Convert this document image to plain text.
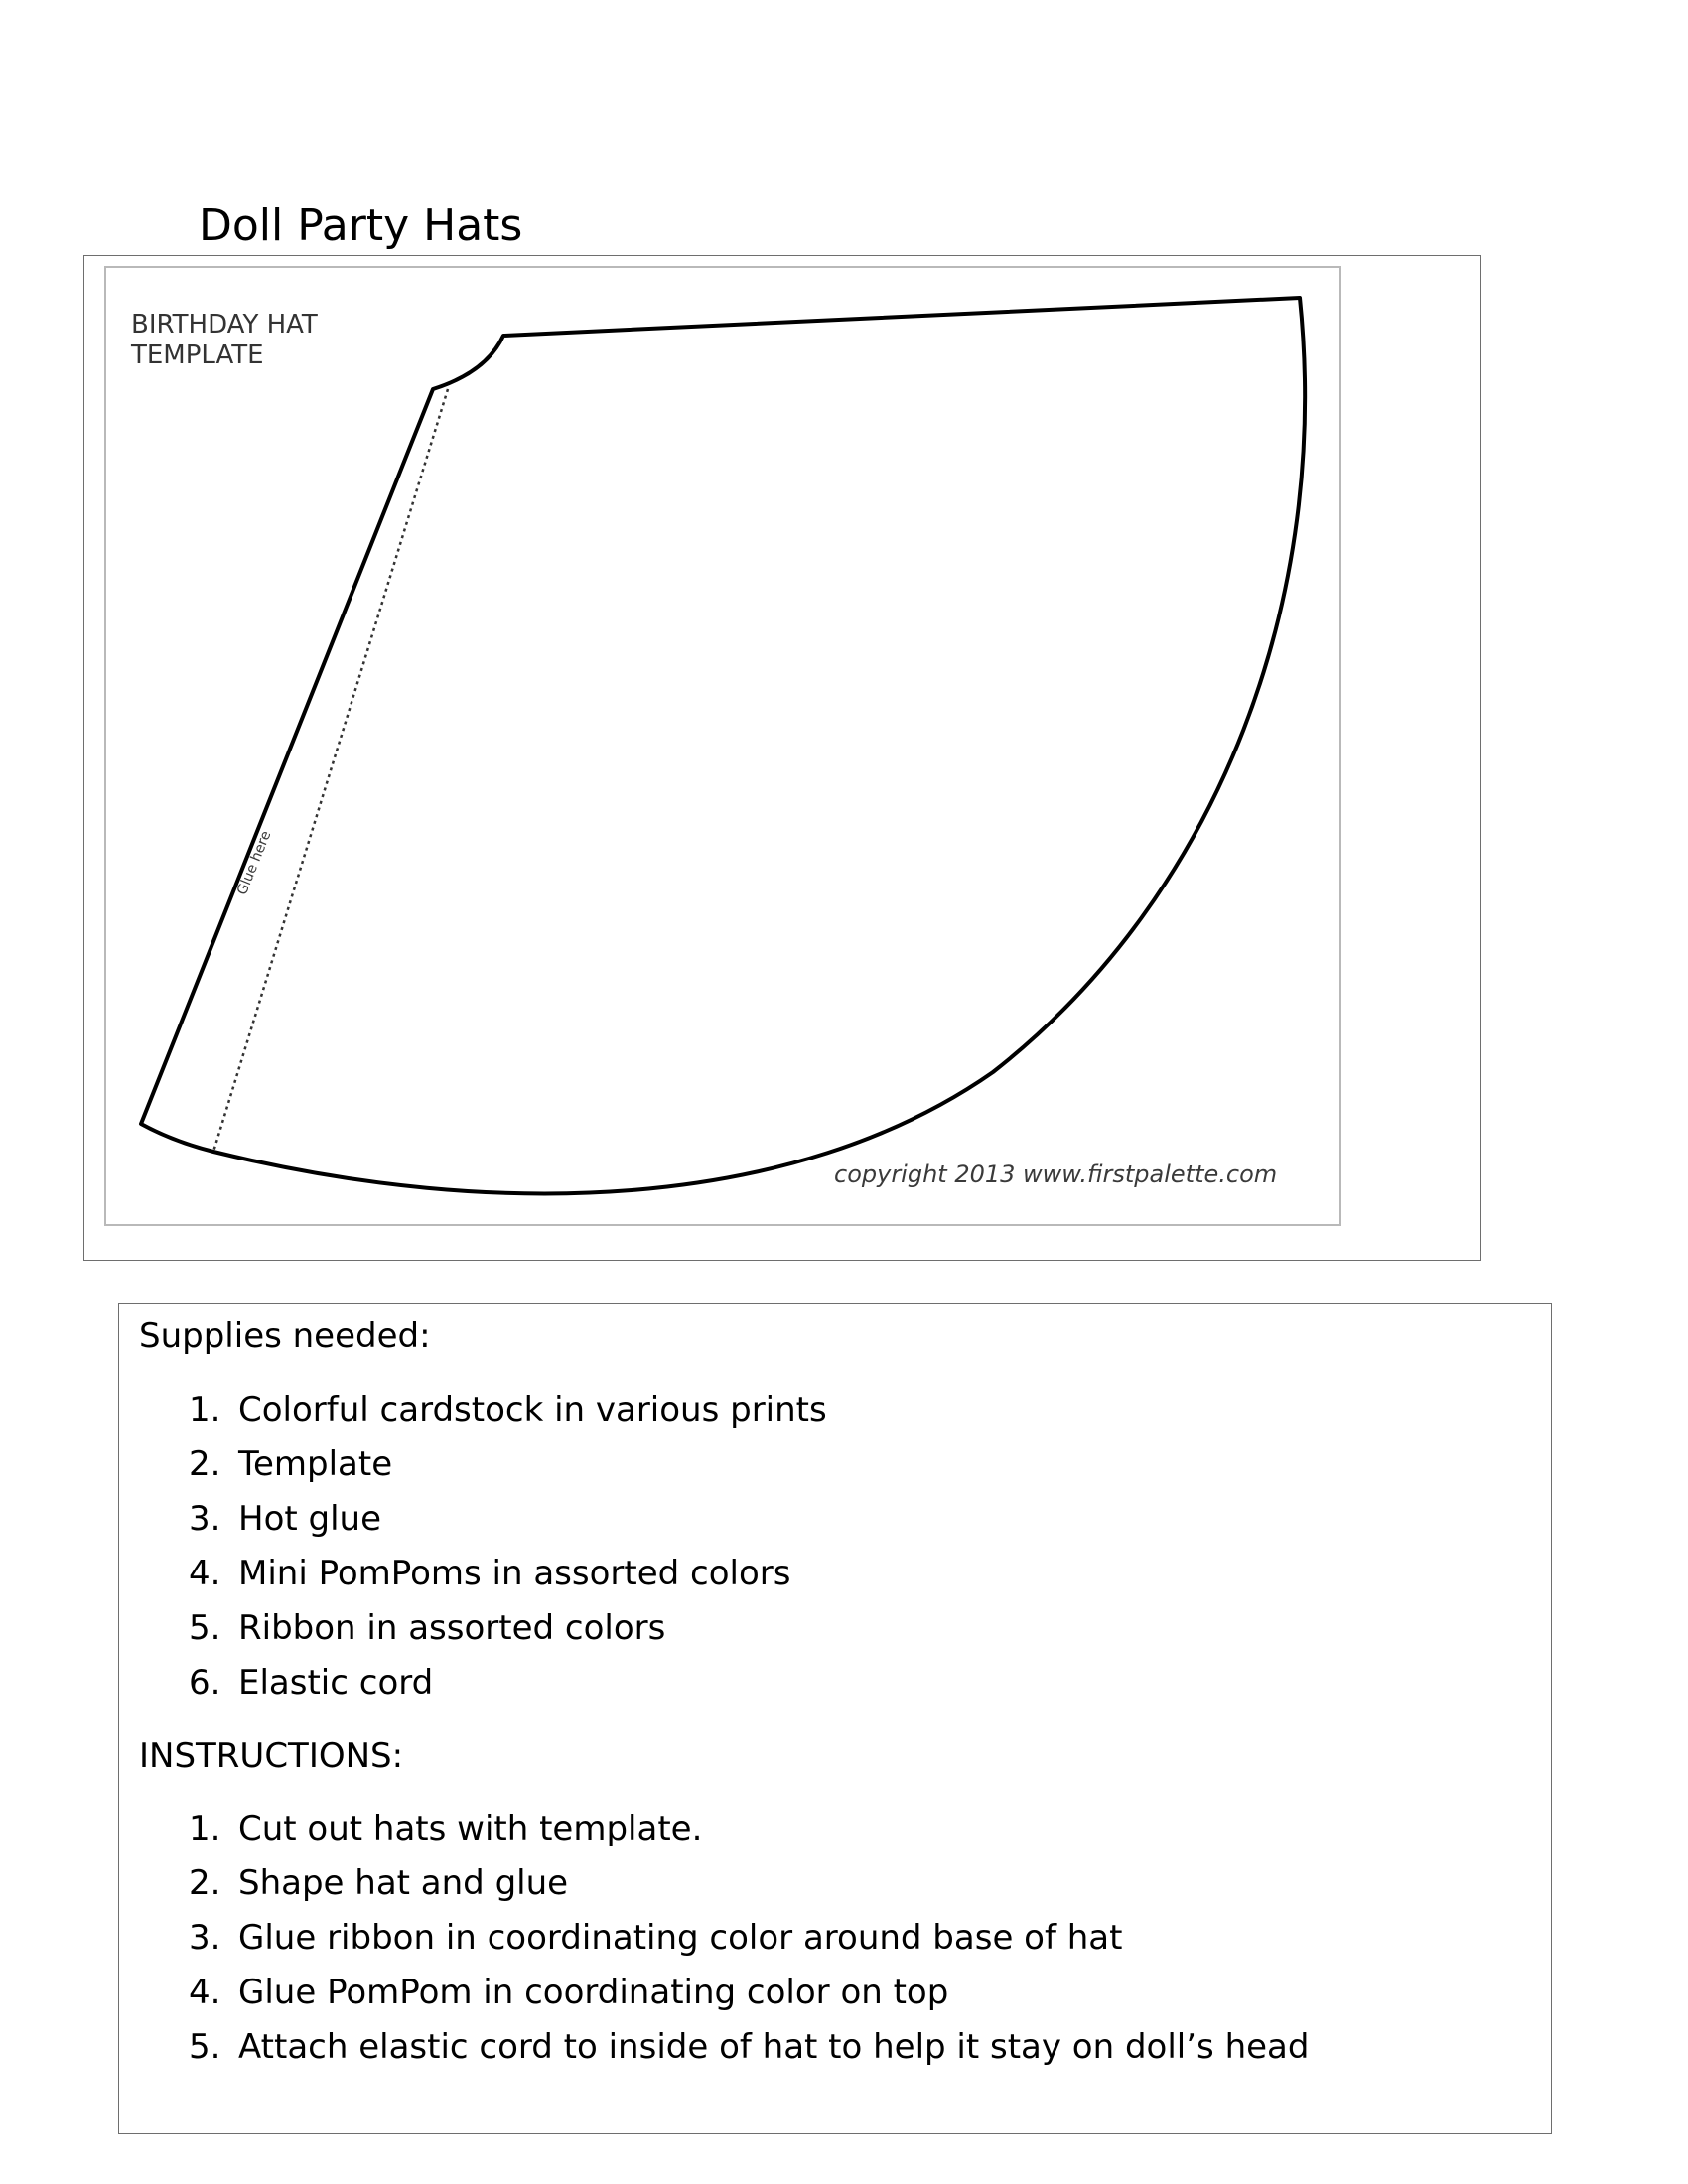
Doll Party Hats
BIRTHDAY HAT
TEMPLATE
Glue here
copyright 2013 www.firstpalette.com
Supplies needed:
1. Colorful cardstock in various prints
2. Template
3. Hot glue
4. Mini PomPoms in assorted colors
5. Ribbon in assorted colors
6. Elastic cord
INSTRUCTIONS:
1. Cut out hats with template.
2. Shape hat and glue
3. Glue ribbon in coordinating color around base of hat
4. Glue PomPom in coordinating color on top
5. Attach elastic cord to inside of hat to help it stay on doll’s head
